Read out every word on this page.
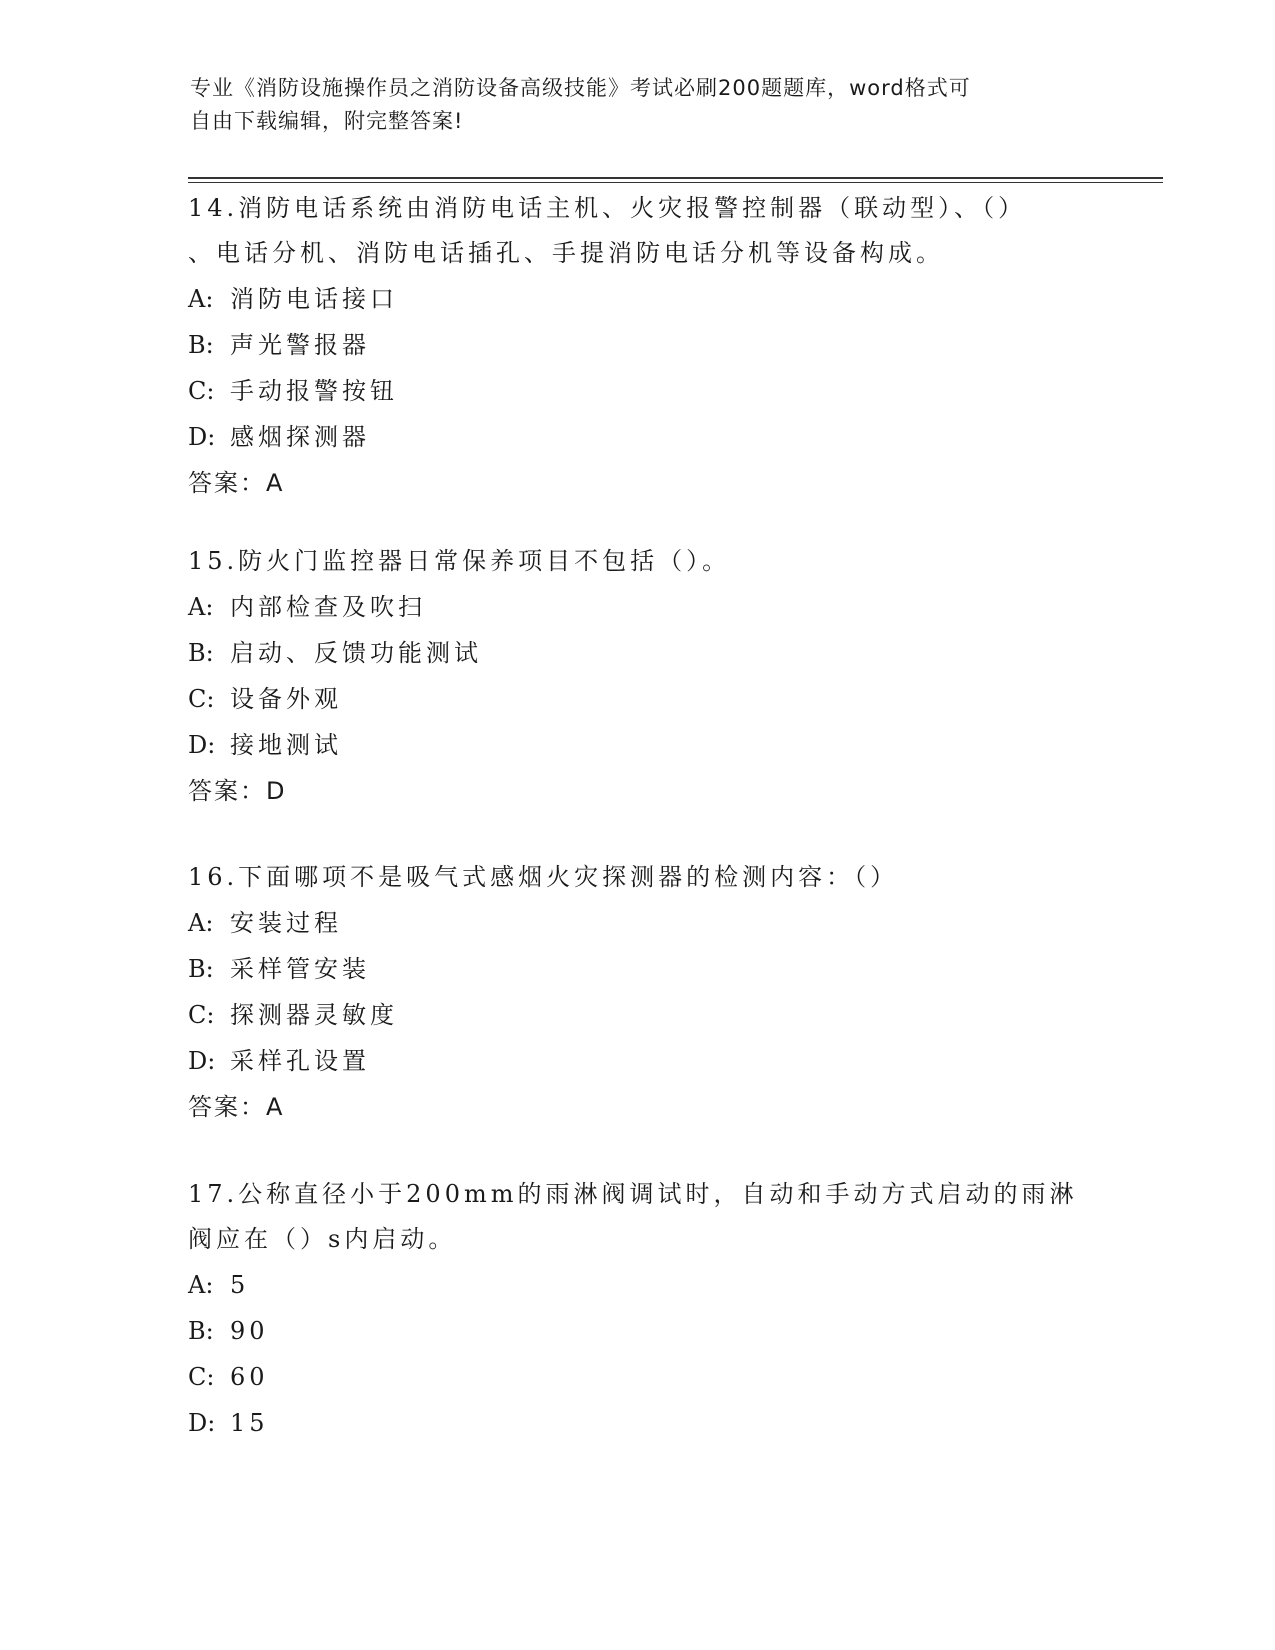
专业《消防设施操作员之消防设备高级技能》考试必刷200题题库，word格式可
自由下载编辑，附完整答案!

14.消防电话系统由消防电话主机、火灾报警控制器（联动型）、（）

、电话分机、消防电话插孔、手提消防电话分机等设备构成。

A: 消防电话接口

B: 声光警报器

C: 手动报警按钮

D: 感烟探测器

答案：A

15.防火门监控器日常保养项目不包括（）。

A: 内部检查及吹扫

B: 启动、反馈功能测试

C: 设备外观

D: 接地测试

答案：D

16.下面哪项不是吸气式感烟火灾探测器的检测内容：（）

A: 安装过程

B: 采样管安装

C: 探测器灵敏度

D: 采样孔设置

答案：A

17.公称直径小于200mm的雨淋阀调试时，自动和手动方式启动的雨淋

阀应在（）s内启动。

A: 5

B: 90

C: 60

D: 15
